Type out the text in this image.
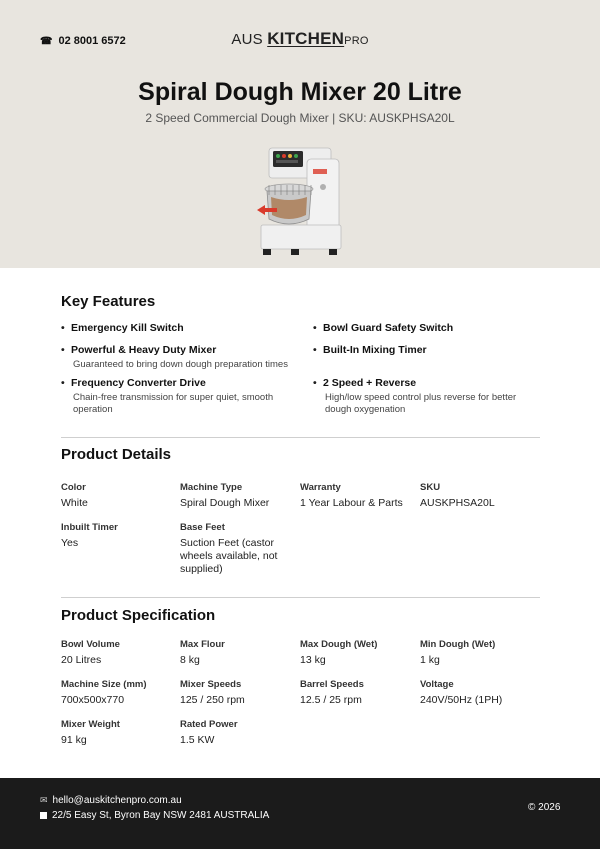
☎ 02 8001 6572	AUS KITCHENPRO
Spiral Dough Mixer 20 Litre
2 Speed Commercial Dough Mixer | SKU: AUSKPHSA20L
Key Features
• Emergency Kill Switch	• Bowl Guard Safety Switch
• Powerful & Heavy Duty Mixer
Guaranteed to bring down dough preparation times
• Built-In Mixing Timer
• Frequency Converter Drive
Chain-free transmission for super quiet, smooth operation
• 2 Speed + Reverse
High/low speed control plus reverse for better dough oxygenation
Product Details
Color
White
Machine Type
Spiral Dough Mixer
Warranty
1 Year Labour & Parts
SKU
AUSKPHSA20L
Inbuilt Timer
Yes
Base Feet
Suction Feet (castor wheels available, not supplied)
Product Specification
Bowl Volume
20 Litres
Max Flour
8 kg
Max Dough (Wet)
13 kg
Min Dough (Wet)
1 kg
Machine Size (mm)
700x500x770
Mixer Speeds
125 / 250 rpm
Barrel Speeds
12.5 / 25 rpm
Voltage
240V/50Hz (1PH)
Mixer Weight
91 kg
Rated Power
1.5 KW
✉ hello@auskitchenpro.com.au
22/5 Easy St, Byron Bay NSW 2481 AUSTRALIA
© 2026
